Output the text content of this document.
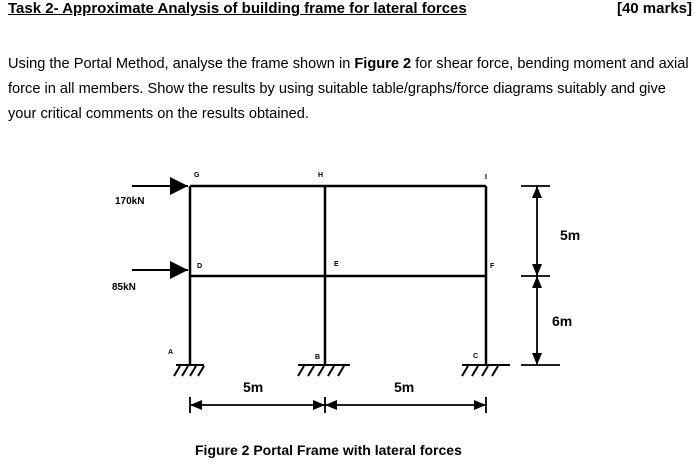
Task 2- Approximate Analysis of building frame for lateral forces	[40 marks]
Using the Portal Method, analyse the frame shown in Figure 2 for shear force, bending moment and axial force in all members. Show the results by using suitable table/graphs/force diagrams suitably and give your critical comments on the results obtained.
170kN
85kN
G	H	I
D	E	F
A
B	C
5m	5m
5m
6m
Figure 2 Portal Frame with lateral forces
